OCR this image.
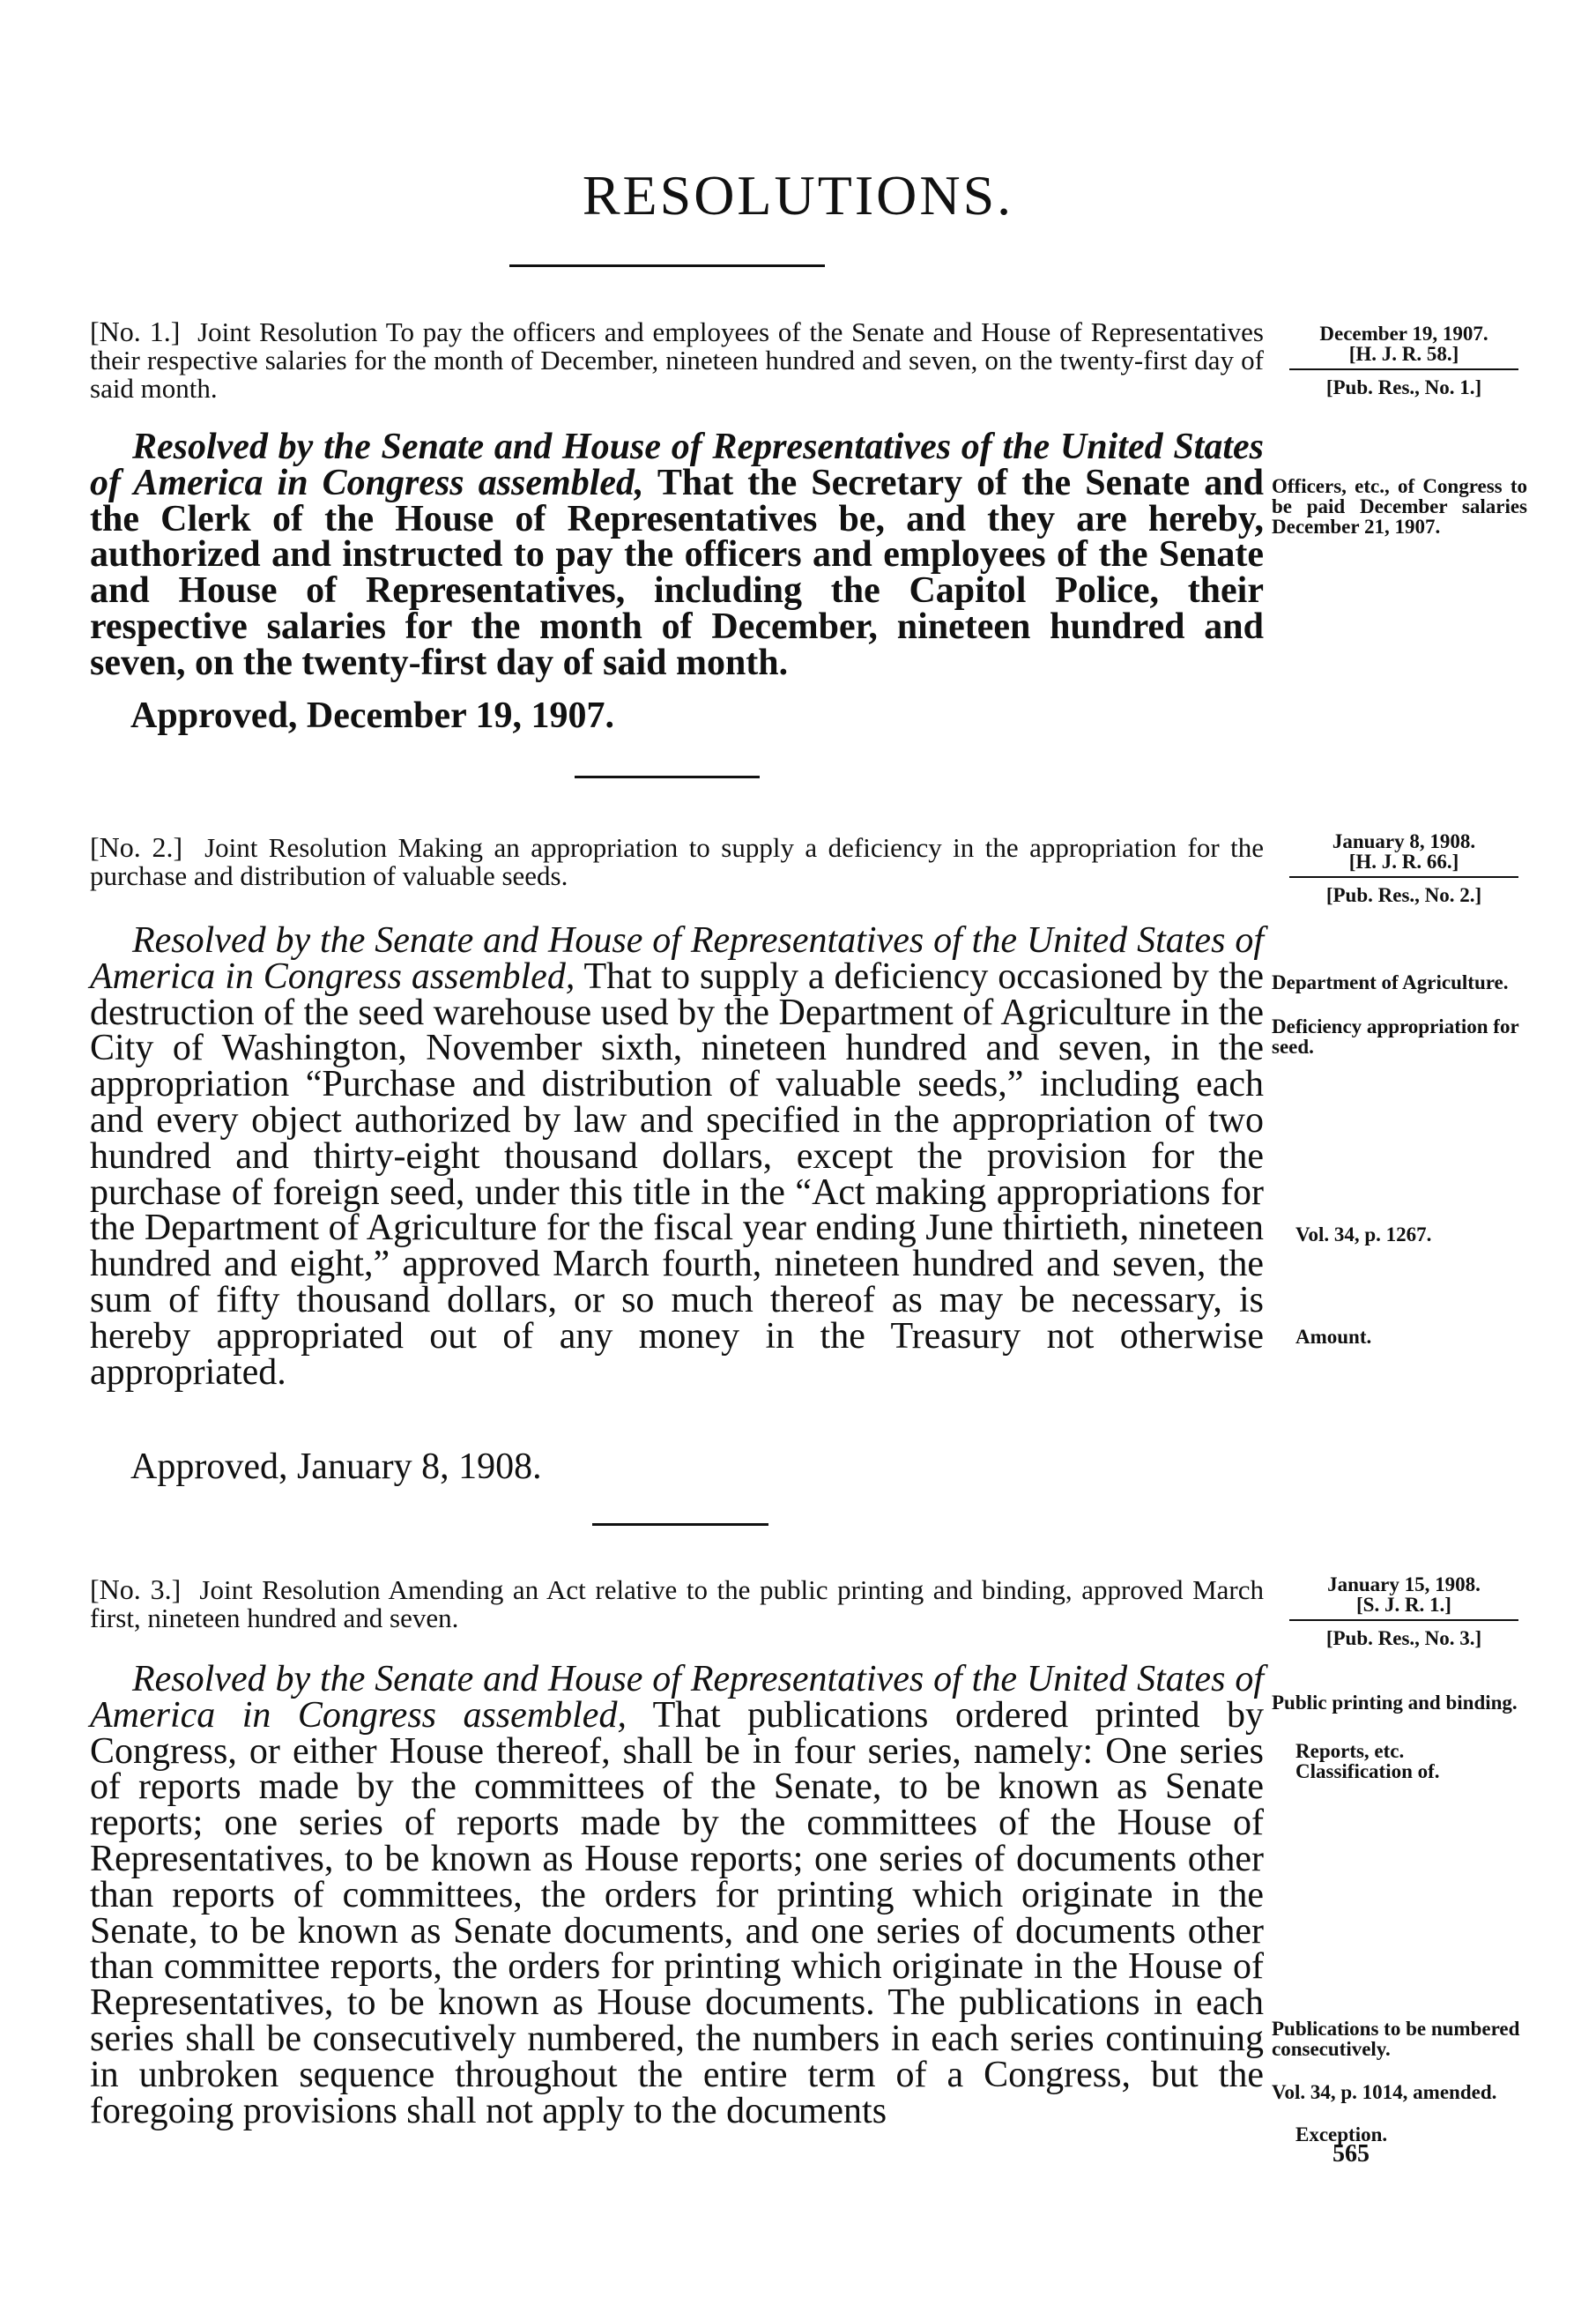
RESOLUTIONS.

[No. 1.] Joint Resolution To pay the officers and employees of the Senate and House of Representatives their respective salaries for the month of December, nineteen hundred and seven, on the twenty-first day of said month.

December 19, 1907.
[H. J. R. 58.]
[Pub. Res., No. 1.]

Resolved by the Senate and House of Representatives of the United States of America in Congress assembled, That the Secretary of the Senate and the Clerk of the House of Representatives be, and they are hereby, authorized and instructed to pay the officers and employees of the Senate and House of Representatives, including the Capitol Police, their respective salaries for the month of December, nineteen hundred and seven, on the twenty-first day of said month.

Officers, etc., of Congress to be paid December salaries December 21, 1907.

Approved, December 19, 1907.

[No. 2.] Joint Resolution Making an appropriation to supply a deficiency in the appropriation for the purchase and distribution of valuable seeds.

January 8, 1908.
[H. J. R. 66.]
[Pub. Res., No. 2.]

Resolved by the Senate and House of Representatives of the United States of America in Congress assembled, That to supply a deficiency occasioned by the destruction of the seed warehouse used by the Department of Agriculture in the City of Washington, November sixth, nineteen hundred and seven, in the appropriation “Purchase and distribution of valuable seeds,” including each and every object authorized by law and specified in the appropriation of two hundred and thirty-eight thousand dollars, except the provision for the purchase of foreign seed, under this title in the “Act making appropriations for the Department of Agriculture for the fiscal year ending June thirtieth, nineteen hundred and eight,” approved March fourth, nineteen hundred and seven, the sum of fifty thousand dollars, or so much thereof as may be necessary, is hereby appropriated out of any money in the Treasury not otherwise appropriated.

Department of Agriculture.

Deficiency appropriation for seed.

Vol. 34, p. 1267.

Amount.

Approved, January 8, 1908.

[No. 3.] Joint Resolution Amending an Act relative to the public printing and binding, approved March first, nineteen hundred and seven.

January 15, 1908.
[S. J. R. 1.]
[Pub. Res., No. 3.]

Resolved by the Senate and House of Representatives of the United States of America in Congress assembled, That publications ordered printed by Congress, or either House thereof, shall be in four series, namely: One series of reports made by the committees of the Senate, to be known as Senate reports; one series of reports made by the committees of the House of Representatives, to be known as House reports; one series of documents other than reports of committees, the orders for printing which originate in the Senate, to be known as Senate documents, and one series of documents other than committee reports, the orders for printing which originate in the House of Representatives, to be known as House documents. The publications in each series shall be consecutively numbered, the numbers in each series continuing in unbroken sequence throughout the entire term of a Congress, but the foregoing provisions shall not apply to the documents

Public printing and binding.

Reports, etc.

Classification of.

Publications to be numbered consecutively.

Vol. 34, p. 1014, amended.

Exception.

565
